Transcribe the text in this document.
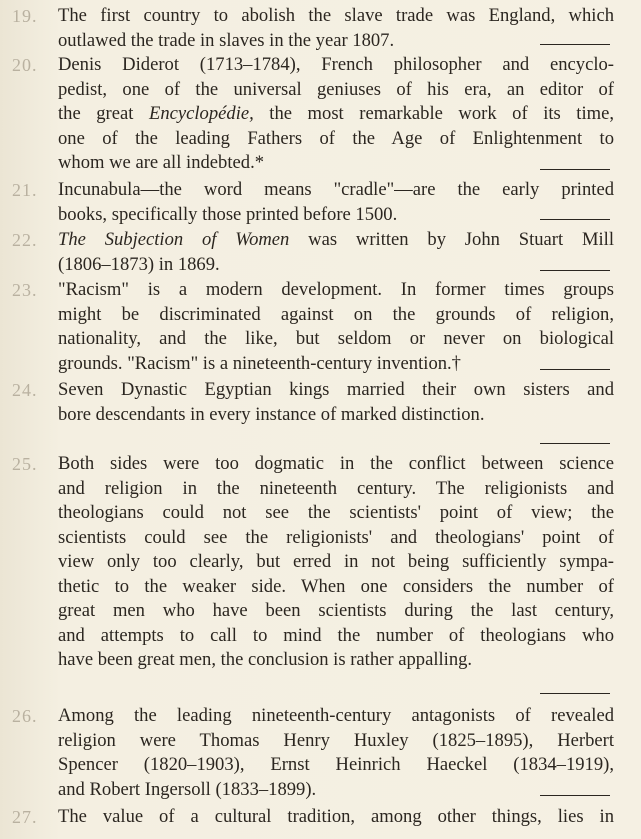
19.	The first country to abolish the slave trade was England, which
outlawed the trade in slaves in the year 1807.
20.	Denis Diderot (1713–1784), French philosopher and encyclo-
pedist, one of the universal geniuses of his era, an editor of
the great Encyclopédie, the most remarkable work of its time,
one of the leading Fathers of the Age of Enlightenment to
whom we are all indebted.*
21.	Incunabula—the word means "cradle"—are the early printed
books, specifically those printed before 1500.
22.	The Subjection of Women was written by John Stuart Mill
(1806–1873) in 1869.
23.	"Racism" is a modern development. In former times groups
might be discriminated against on the grounds of religion,
nationality, and the like, but seldom or never on biological
grounds. "Racism" is a nineteenth-century invention.†
24.	Seven Dynastic Egyptian kings married their own sisters and
bore descendants in every instance of marked distinction.
25.	Both sides were too dogmatic in the conflict between science
and religion in the nineteenth century. The religionists and
theologians could not see the scientists' point of view; the
scientists could see the religionists' and theologians' point of
view only too clearly, but erred in not being sufficiently sympa-
thetic to the weaker side. When one considers the number of
great men who have been scientists during the last century,
and attempts to call to mind the number of theologians who
have been great men, the conclusion is rather appalling.
26.	Among the leading nineteenth-century antagonists of revealed
religion were Thomas Henry Huxley (1825–1895), Herbert
Spencer (1820–1903), Ernst Heinrich Haeckel (1834–1919),
and Robert Ingersoll (1833–1899).
27.	The value of a cultural tradition, among other things, lies in
